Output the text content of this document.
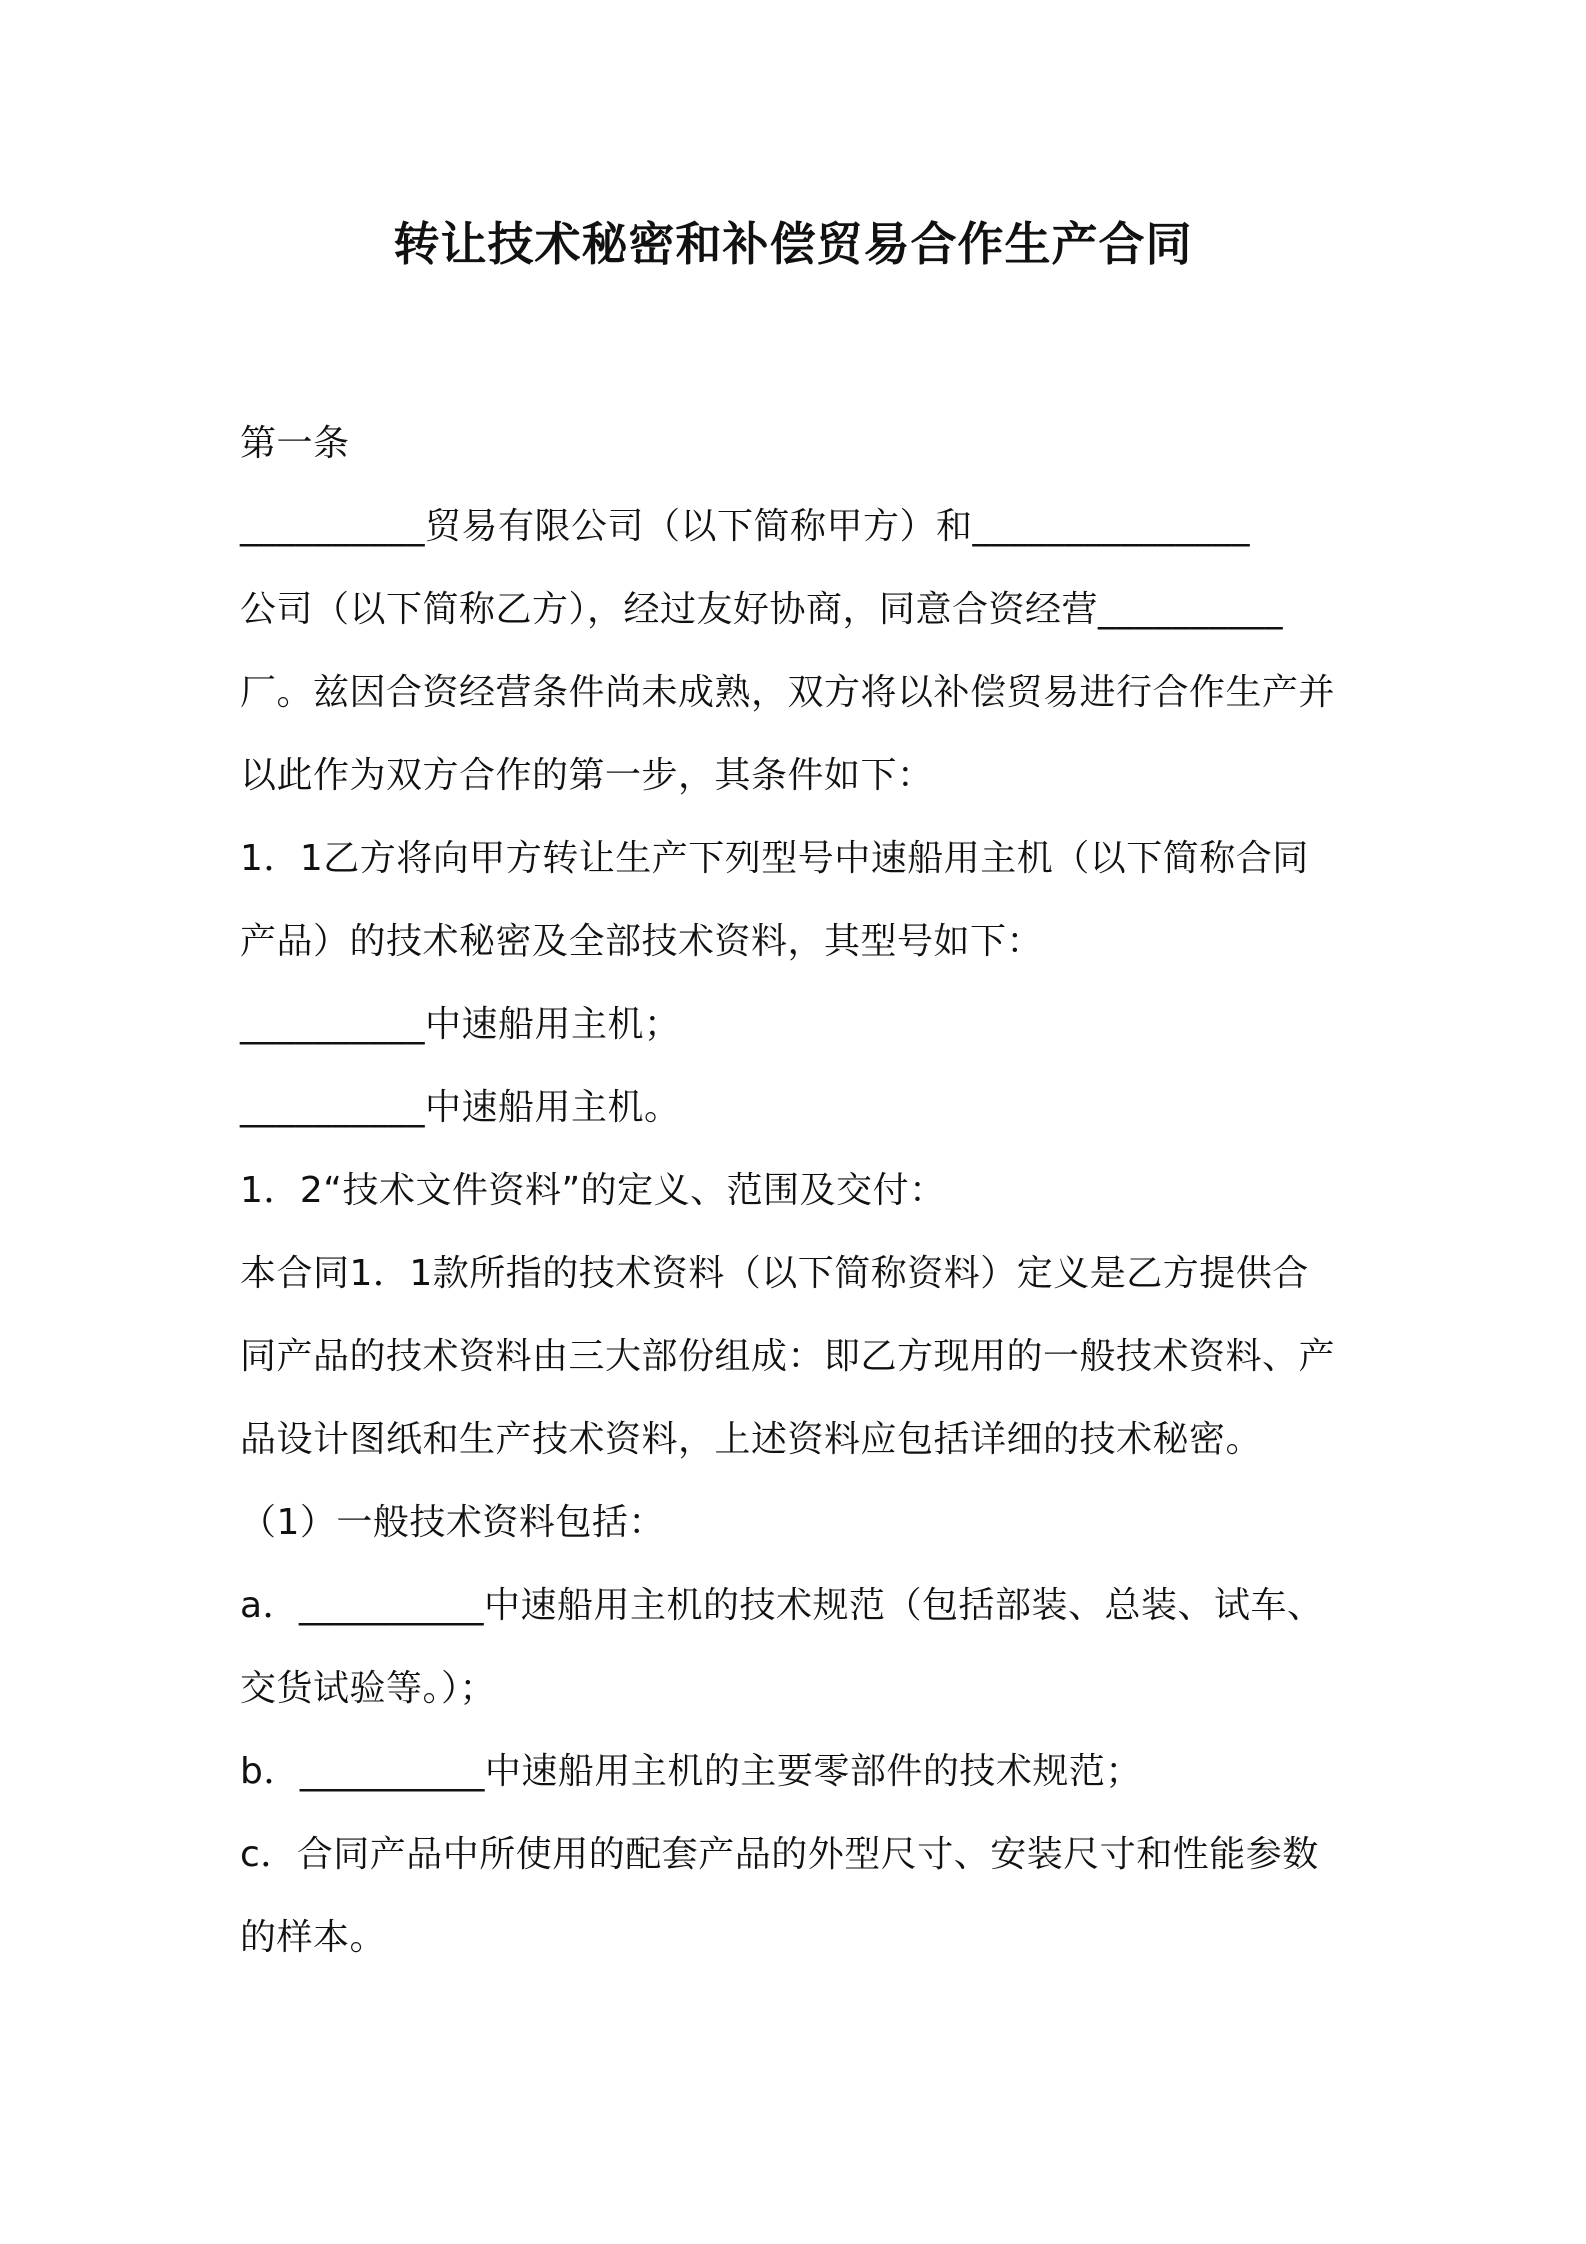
转让技术秘密和补偿贸易合作生产合同
第一条
__________贸易有限公司（以下简称甲方）和_______________
公司（以下简称乙方），经过友好协商，同意合资经营__________
厂。兹因合资经营条件尚未成熟，双方将以补偿贸易进行合作生产并
以此作为双方合作的第一步，其条件如下：
1．1乙方将向甲方转让生产下列型号中速船用主机（以下简称合同
产品）的技术秘密及全部技术资料，其型号如下：
__________中速船用主机；
__________中速船用主机。
1．2“技术文件资料”的定义、范围及交付：
本合同1．1款所指的技术资料（以下简称资料）定义是乙方提供合
同产品的技术资料由三大部份组成：即乙方现用的一般技术资料、产
品设计图纸和生产技术资料，上述资料应包括详细的技术秘密。
（1）一般技术资料包括：
a．__________中速船用主机的技术规范（包括部装、总装、试车、
交货试验等。）；
b．__________中速船用主机的主要零部件的技术规范；
c．合同产品中所使用的配套产品的外型尺寸、安装尺寸和性能参数
的样本。
